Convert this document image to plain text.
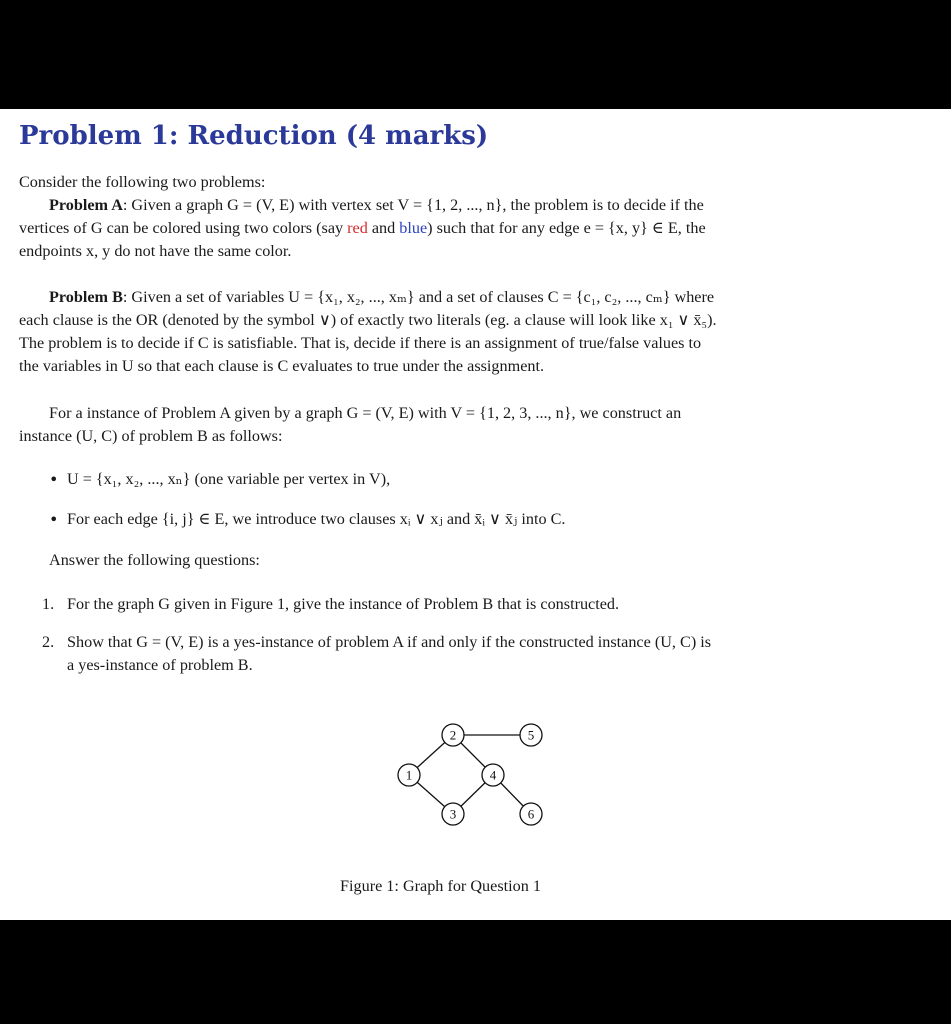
Problem 1: Reduction (4 marks)
Consider the following two problems:
Problem A: Given a graph G = (V, E) with vertex set V = {1, 2, ..., n}, the problem is to decide if the
vertices of G can be colored using two colors (say red and blue) such that for any edge e = {x, y} ∈ E, the
endpoints x, y do not have the same color.
Problem B: Given a set of variables U = {x₁, x₂, ..., xₘ} and a set of clauses C = {c₁, c₂, ..., cₘ} where
each clause is the OR (denoted by the symbol ∨) of exactly two literals (eg. a clause will look like x₁ ∨ x̄₅).
The problem is to decide if C is satisfiable. That is, decide if there is an assignment of true/false values to
the variables in U so that each clause is C evaluates to true under the assignment.
For a instance of Problem A given by a graph G = (V, E) with V = {1, 2, 3, ..., n}, we construct an
instance (U, C) of problem B as follows:
• U = {x₁, x₂, ..., xₙ} (one variable per vertex in V),
• For each edge {i, j} ∈ E, we introduce two clauses xᵢ ∨ xⱼ and x̄ᵢ ∨ x̄ⱼ into C.
Answer the following questions:
1. For the graph G given in Figure 1, give the instance of Problem B that is constructed.
2. Show that G = (V, E) is a yes-instance of problem A if and only if the constructed instance (U, C) is
a yes-instance of problem B.
1
2
3
4
5
6
Figure 1: Graph for Question 1
